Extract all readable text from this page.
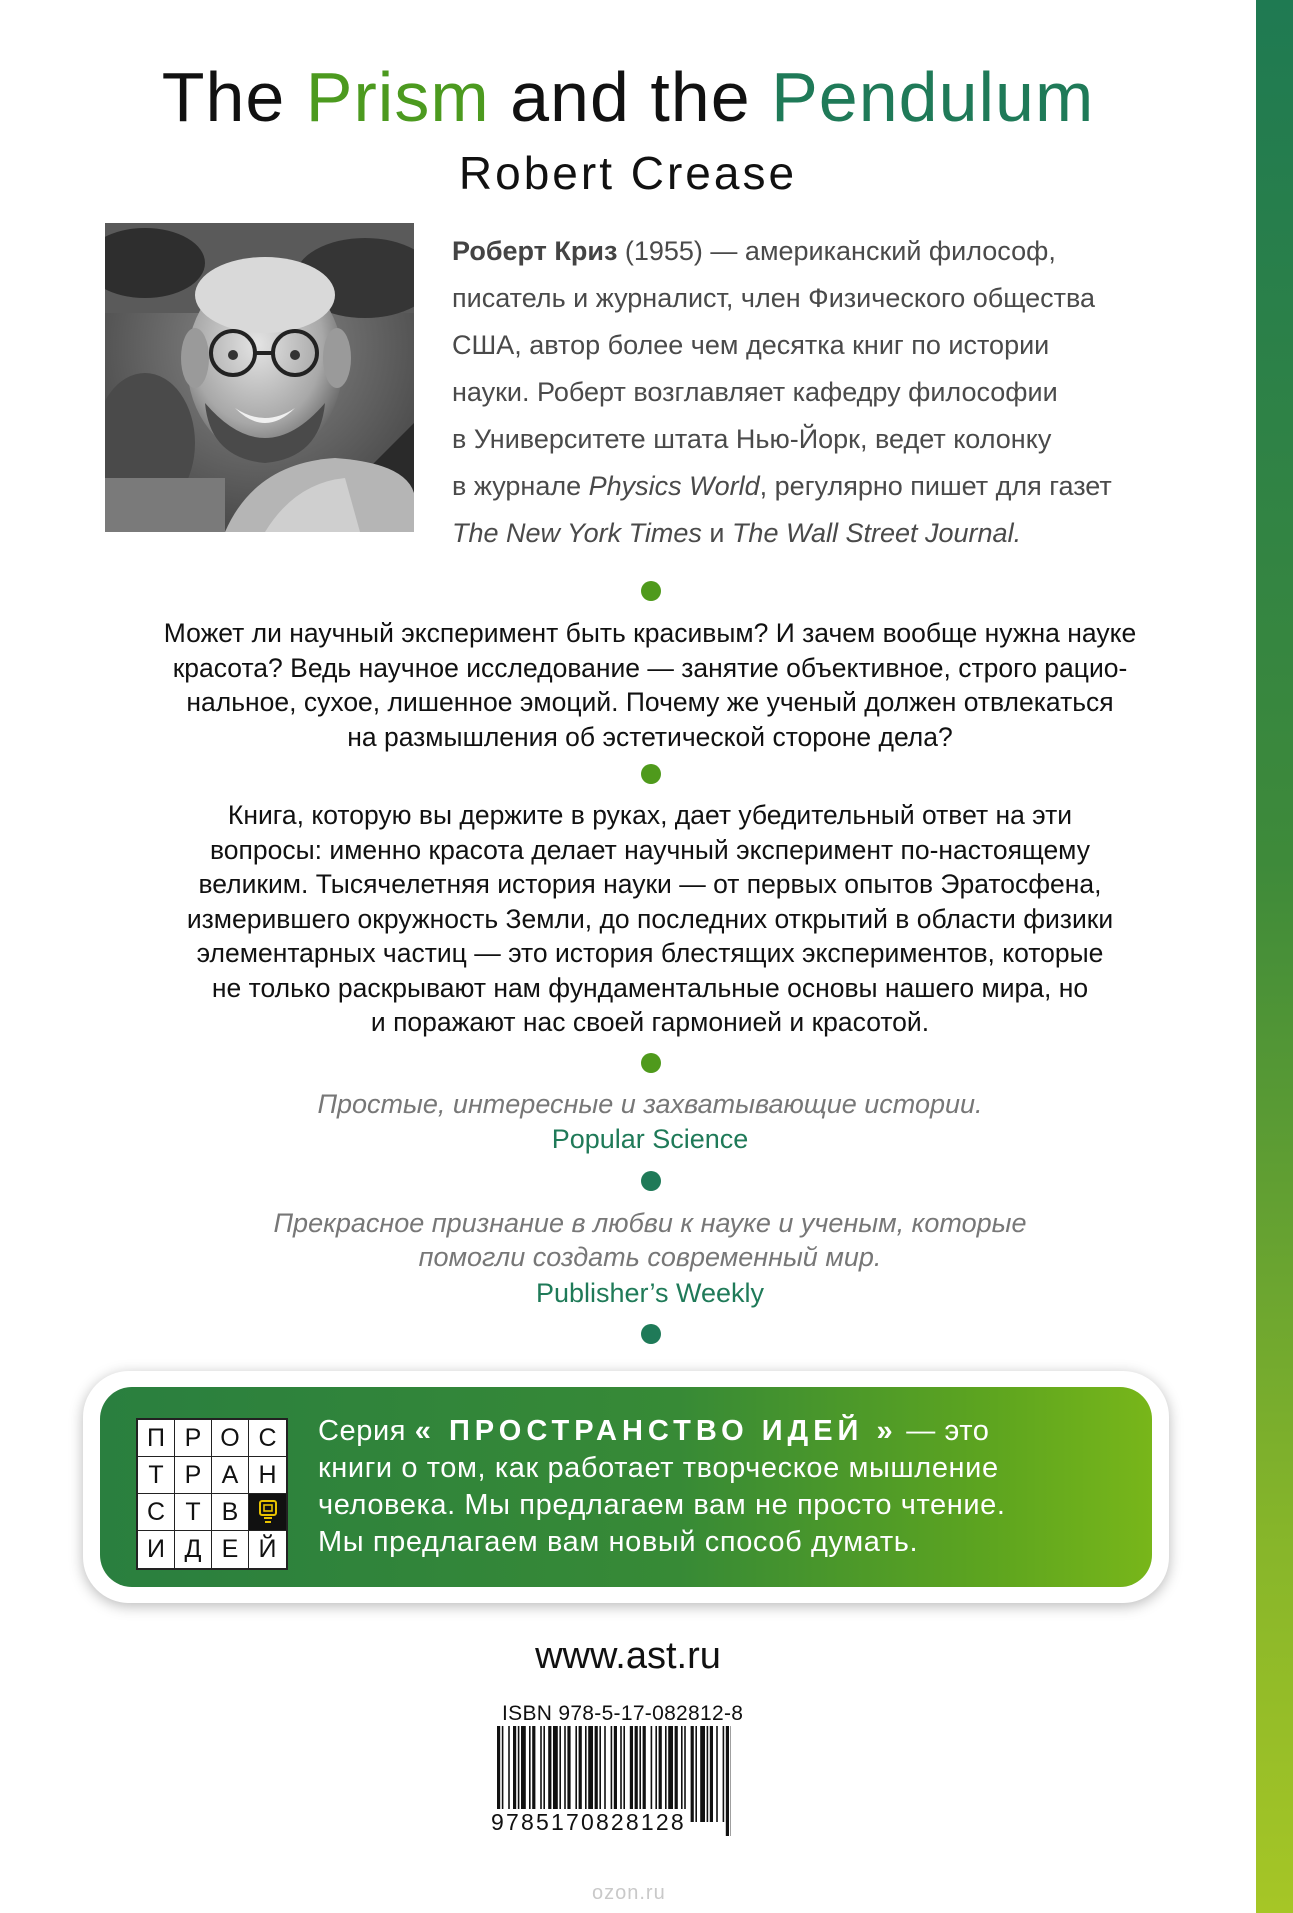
The Prism and the Pendulum
Robert Crease
Роберт Криз (1955) — американский философ,
писатель и журналист, член Физического общества
США, автор более чем десятка книг по истории
науки. Роберт возглавляет кафедру философии
в Университете штата Нью-Йорк, ведет колонку
в журнале Physics World, регулярно пишет для газет
The New York Times и The Wall Street Journal.
Может ли научный эксперимент быть красивым? И зачем вообще нужна науке
красота? Ведь научное исследование — занятие объективное, строго рацио-
нальное, сухое, лишенное эмоций. Почему же ученый должен отвлекаться
на размышления об эстетической стороне дела?
Книга, которую вы держите в руках, дает убедительный ответ на эти
вопросы: именно красота делает научный эксперимент по-настоящему
великим. Тысячелетняя история науки — от первых опытов Эратосфена,
измерившего окружность Земли, до последних открытий в области физики
элементарных частиц — это история блестящих экспериментов, которые
не только раскрывают нам фундаментальные основы нашего мира, но
и поражают нас своей гармонией и красотой.
Простые, интересные и захватывающие истории.
Popular Science
Прекрасное признание в любви к науке и ученым, которые
помогли создать современный мир.
Publisher’s Weekly
П Р О С
Т Р А Н
С Т В
И Д Е Й
Серия « ПРОСТРАНСТВО ИДЕЙ » — это
книги о том, как работает творческое мышление
человека. Мы предлагаем вам не просто чтение.
Мы предлагаем вам новый способ думать.
www.ast.ru
ISBN 978-5-17-082812-8
9785170828128
ozon.ru
